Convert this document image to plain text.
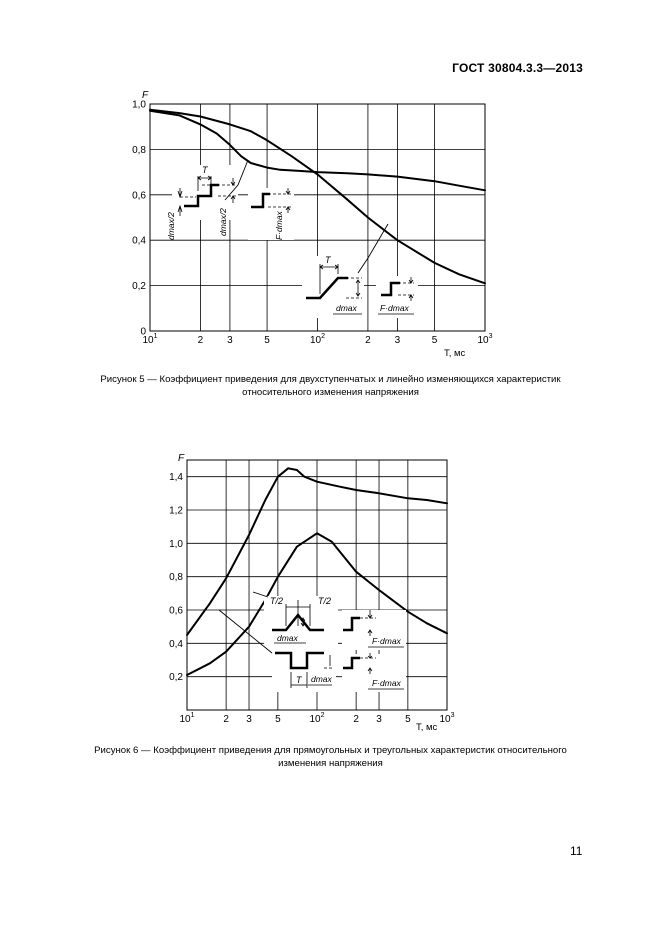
ГОСТ 30804.3.3—2013
$10^1$	2 3	5	$10^2$	2 3	5	$10^3$
0
0,2
0,4
0,6
0,8
1,0
F
T, мс
T
dmax/2	dmax/2	F·dmax
T
dmax	F·dmax
Рисунок 5 — Коэффициент приведения для двухступенчатых и линейно изменяющихся характеристик
относительного изменения напряжения
$10^1$	2 3 5	$10^2$	2 3 5	$10^3$
0,2
0,4
0,6
0,8
1,0
1,2
1,4
F
T, мс
T/2	T/2
dmax
T dmax
F·dmax
F·dmax
Рисунок 6 — Коэффициент приведения для прямоугольных и треугольных характеристик относительного
изменения напряжения
11
